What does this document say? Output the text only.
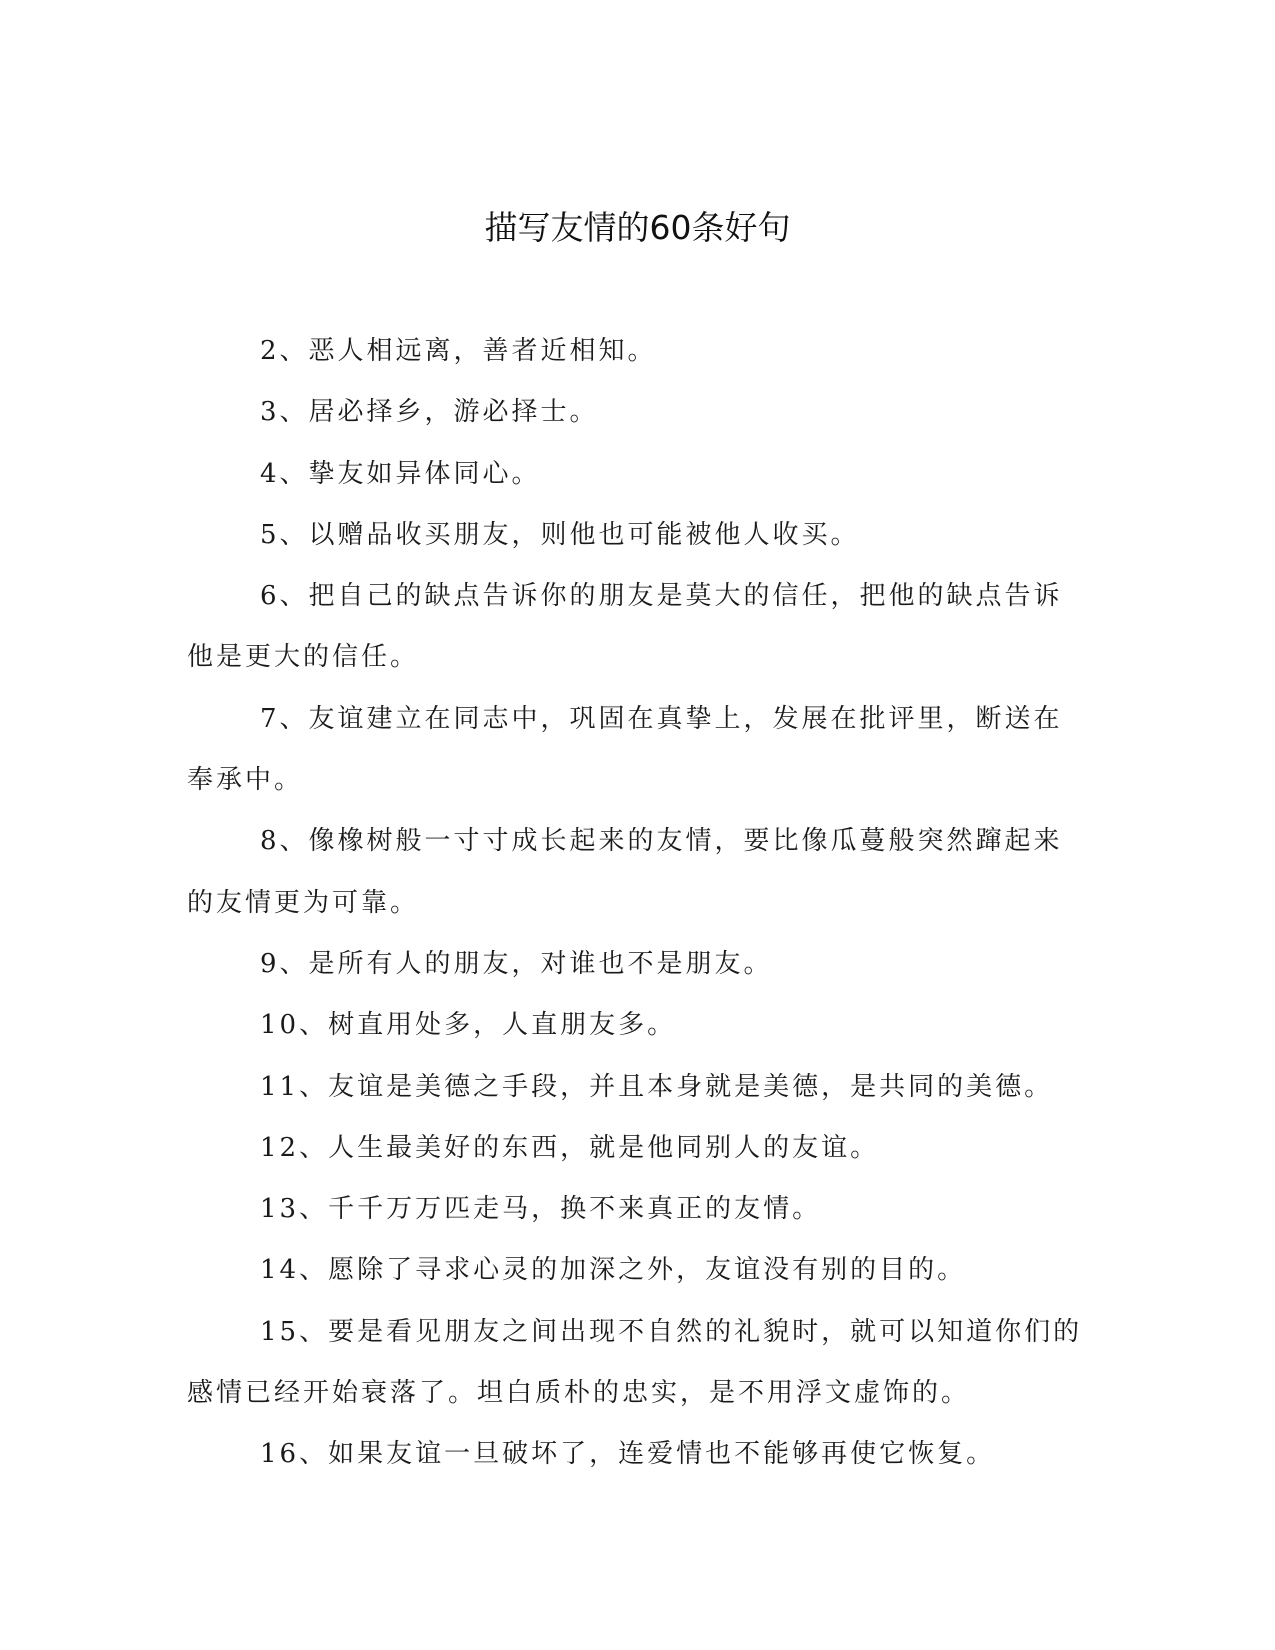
描写友情的60条好句

2、恶人相远离，善者近相知。

3、居必择乡，游必择士。

4、挚友如异体同心。

5、以赠品收买朋友，则他也可能被他人收买。

6、把自己的缺点告诉你的朋友是莫大的信任，把他的缺点告诉他是更大的信任。

7、友谊建立在同志中，巩固在真挚上，发展在批评里，断送在奉承中。

8、像橡树般一寸寸成长起来的友情，要比像瓜蔓般突然蹿起来的友情更为可靠。

9、是所有人的朋友，对谁也不是朋友。

10、树直用处多，人直朋友多。

11、友谊是美德之手段，并且本身就是美德，是共同的美德。

12、人生最美好的东西，就是他同别人的友谊。

13、千千万万匹走马，换不来真正的友情。

14、愿除了寻求心灵的加深之外，友谊没有别的目的。

15、要是看见朋友之间出现不自然的礼貌时，就可以知道你们的感情已经开始衰落了。坦白质朴的忠实，是不用浮文虚饰的。

16、如果友谊一旦破坏了，连爱情也不能够再使它恢复。
